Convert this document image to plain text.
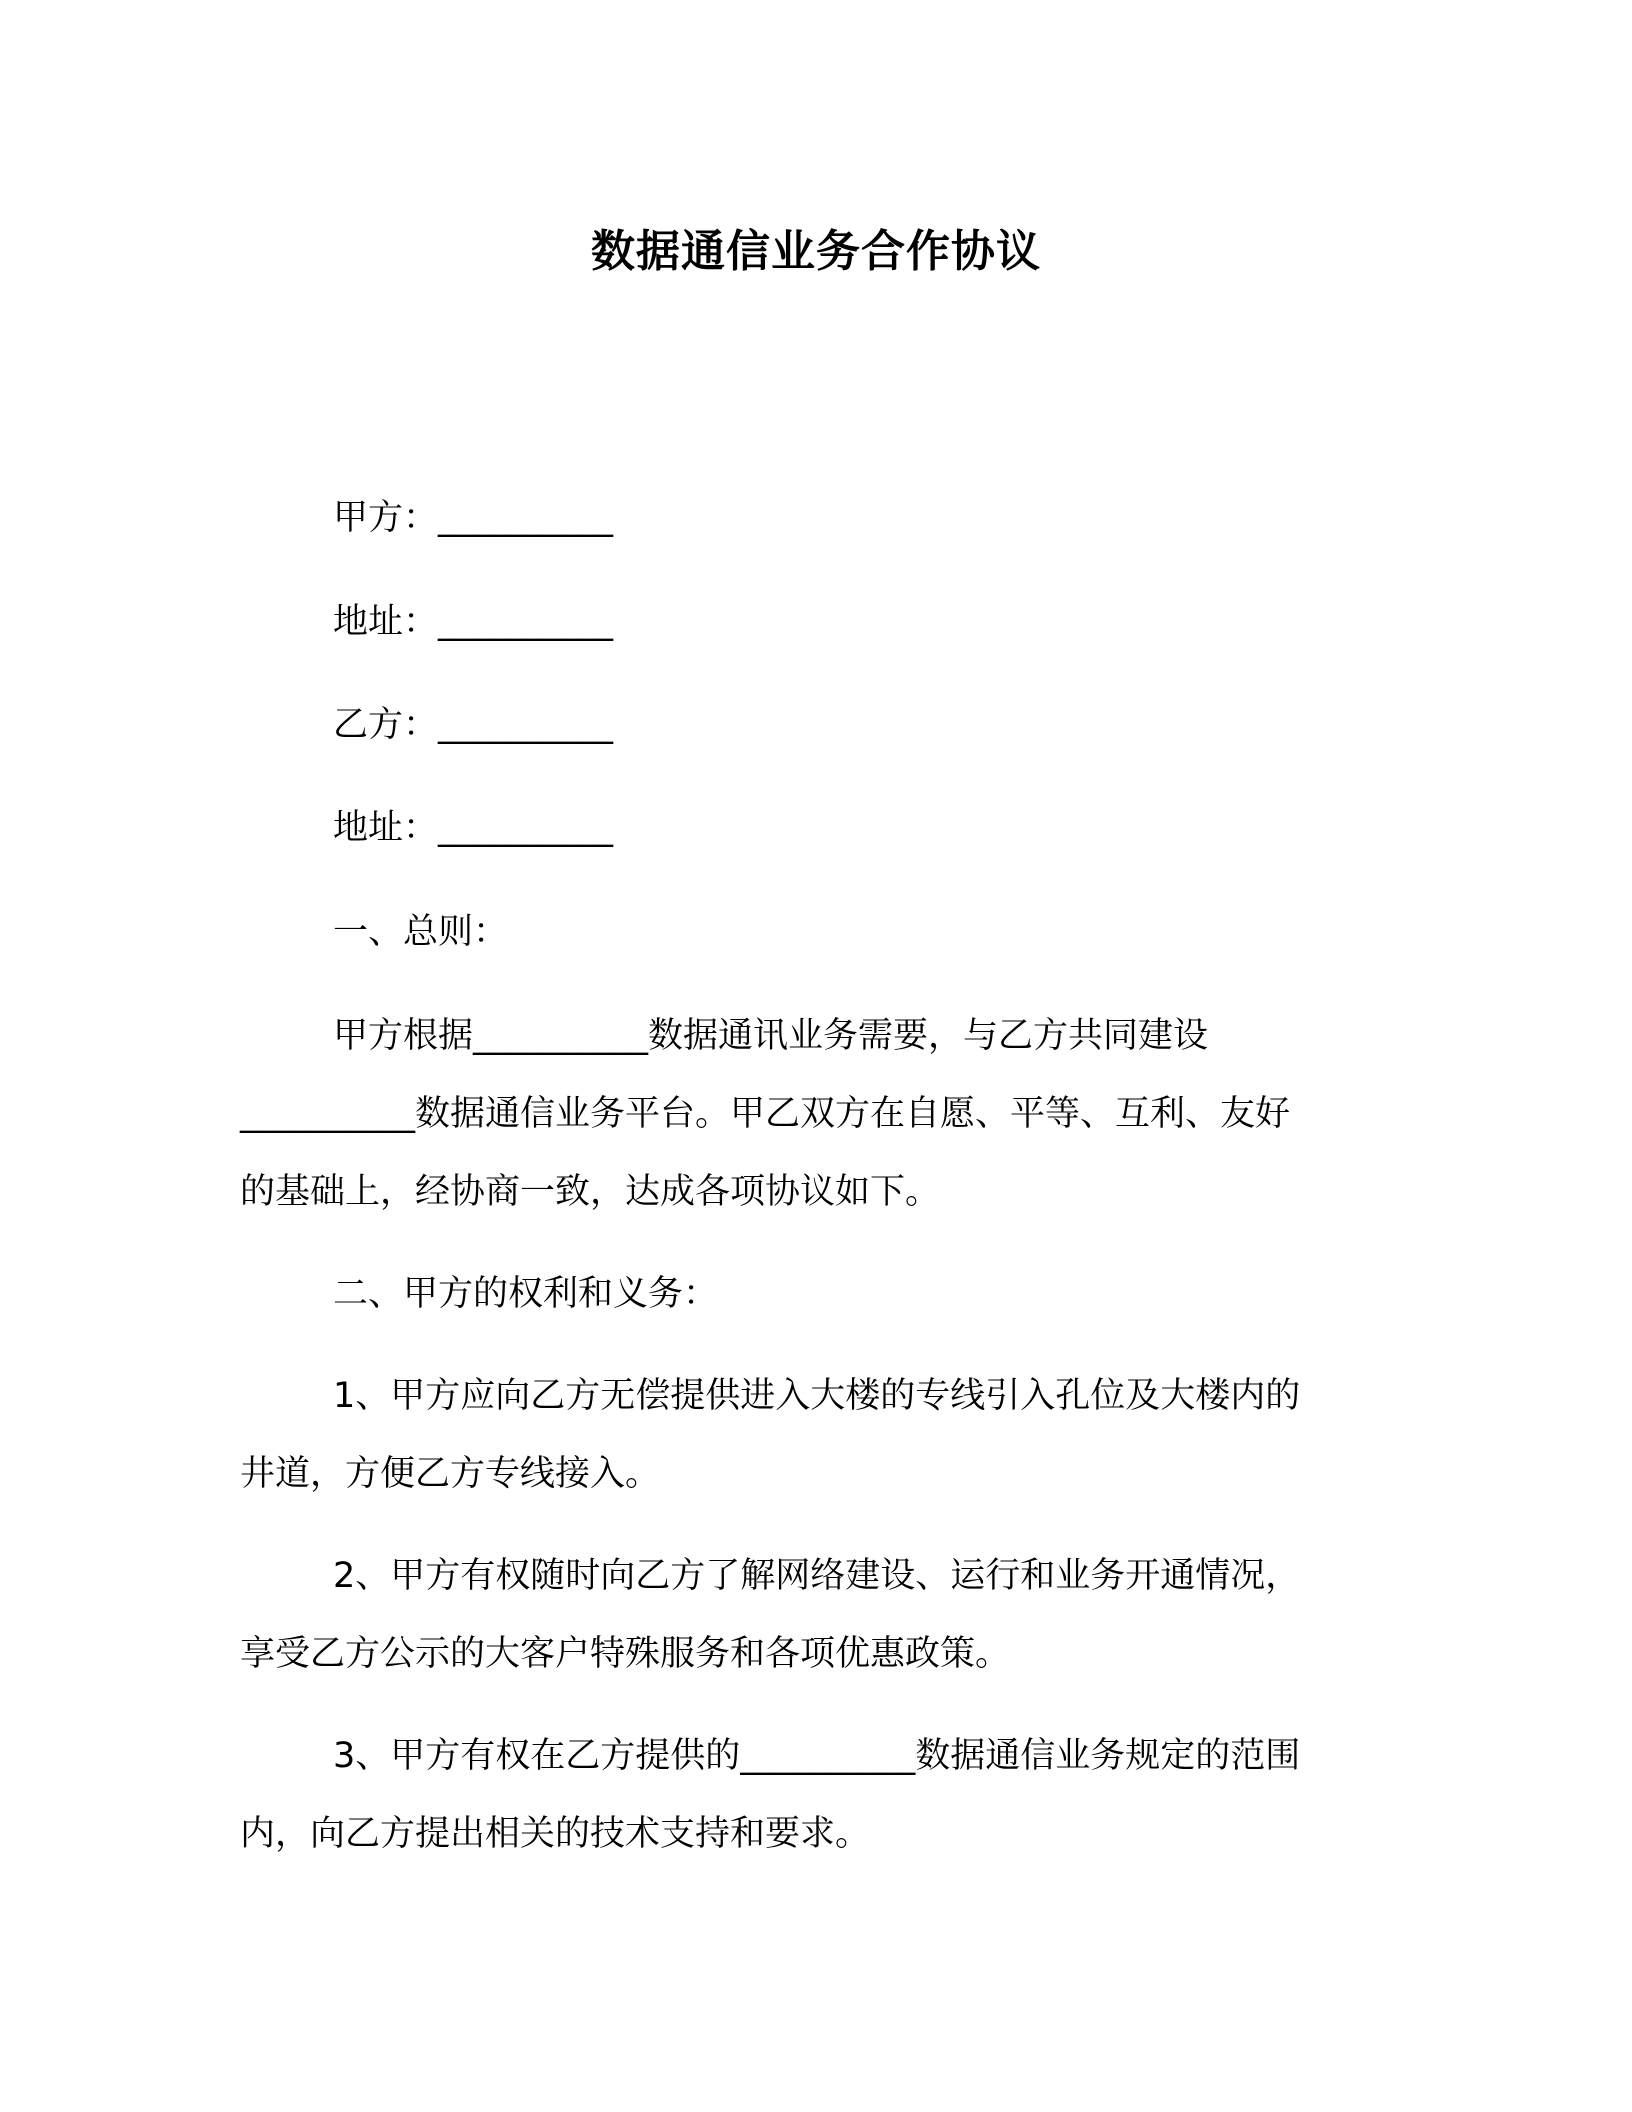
数据通信业务合作协议

甲方：__________

地址：__________

乙方：__________

地址：__________

一、总则：

甲方根据__________数据通讯业务需要，与乙方共同建设

__________数据通信业务平台。甲乙双方在自愿、平等、互利、友好

的基础上，经协商一致，达成各项协议如下。

二、甲方的权利和义务：

1、甲方应向乙方无偿提供进入大楼的专线引入孔位及大楼内的

井道，方便乙方专线接入。

2、甲方有权随时向乙方了解网络建设、运行和业务开通情况，

享受乙方公示的大客户特殊服务和各项优惠政策。

3、甲方有权在乙方提供的__________数据通信业务规定的范围

内，向乙方提出相关的技术支持和要求。
